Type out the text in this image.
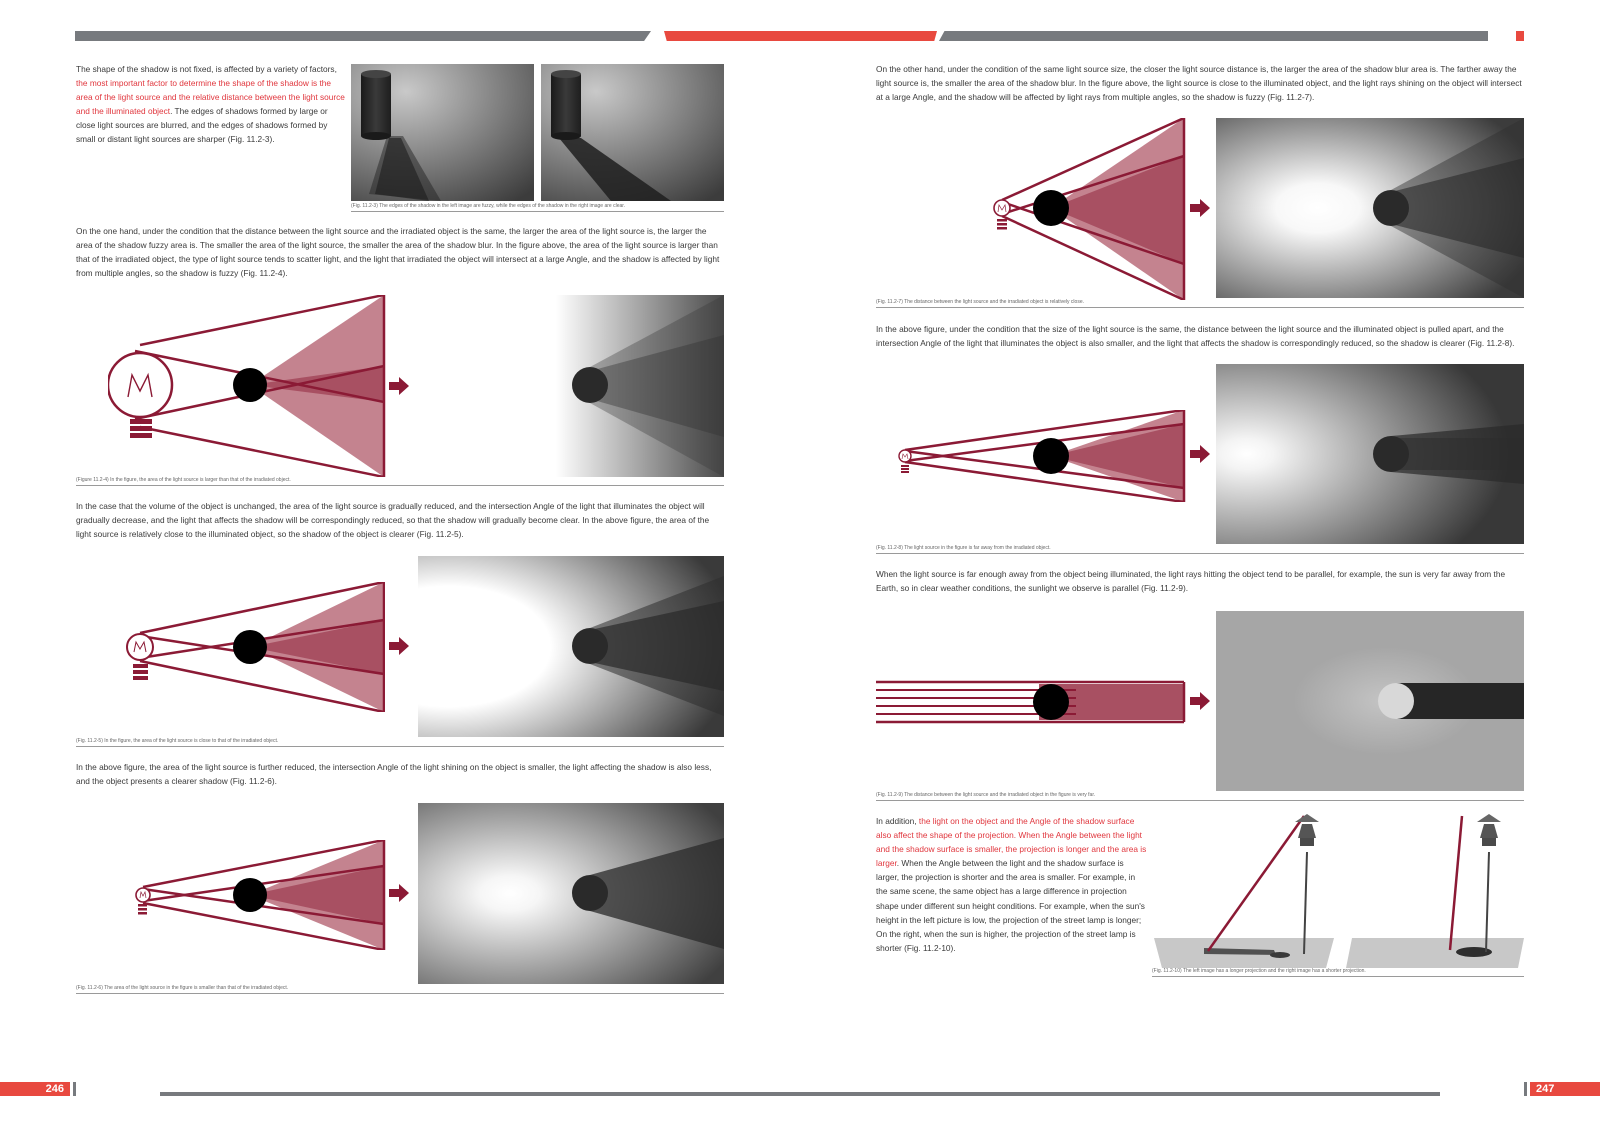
The shape of the shadow is not fixed, is affected by a variety of factors, the most important factor to determine the shape of the shadow is the area of the light source and the relative distance between the light source and the illuminated object. The edges of shadows formed by large or close light sources are blurred, and the edges of shadows formed by small or distant light sources are sharper (Fig. 11.2-3).

(Fig. 11.2-3) The edges of the shadow in the left image are fuzzy, while the edges of the shadow in the right image are clear.

On the one hand, under the condition that the distance between the light source and the irradiated object is the same, the larger the area of the light source is, the larger the area of the shadow fuzzy area is. The smaller the area of the light source, the smaller the area of the shadow blur. In the figure above, the area of the light source is larger than that of the irradiated object, the type of light source tends to scatter light, and the light that irradiated the object will intersect at a large Angle, and the shadow is affected by light from multiple angles, so the shadow is fuzzy (Fig. 11.2-4).

(Figure 11.2-4) In the figure, the area of the light source is larger than that of the irradiated object.

In the case that the volume of the object is unchanged, the area of the light source is gradually reduced, and the intersection Angle of the light that illuminates the object will gradually decrease, and the light that affects the shadow will be correspondingly reduced, so that the shadow will gradually become clear. In the above figure, the area of the light source is relatively close to the illuminated object, so the shadow of the object is clearer (Fig. 11.2-5).

(Fig. 11.2-5) In the figure, the area of the light source is close to that of the irradiated object.

In the above figure, the area of the light source is further reduced, the intersection Angle of the light shining on the object is smaller, the light affecting the shadow is also less, and the object presents a clearer shadow (Fig. 11.2-6).

(Fig. 11.2-6) The area of the light source in the figure is smaller than that of the irradiated object.

On the other hand, under the condition of the same light source size, the closer the light source distance is, the larger the area of the shadow blur area is. The farther away the light source is, the smaller the area of the shadow blur. In the figure above, the light source is close to the illuminated object, and the light rays shining on the object will intersect at a large Angle, and the shadow will be affected by light rays from multiple angles, so the shadow is fuzzy (Fig. 11.2-7).

(Fig. 11.2-7) The distance between the light source and the irradiated object is relatively close.

In the above figure, under the condition that the size of the light source is the same, the distance between the light source and the illuminated object is pulled apart, and the intersection Angle of the light that illuminates the object is also smaller, and the light that affects the shadow is correspondingly reduced, so the shadow is clearer (Fig. 11.2-8).

(Fig. 11.2-8) The light source in the figure is far away from the irradiated object.

When the light source is far enough away from the object being illuminated, the light rays hitting the object tend to be parallel, for example, the sun is very far away from the Earth, so in clear weather conditions, the sunlight we observe is parallel (Fig. 11.2-9).

(Fig. 11.2-9) The distance between the light source and the irradiated object in the figure is very far.

In addition, the light on the object and the Angle of the shadow surface also affect the shape of the projection. When the Angle between the light and the shadow surface is smaller, the projection is longer and the area is larger. When the Angle between the light and the shadow surface is larger, the projection is shorter and the area is smaller. For example, in the same scene, the same object has a large difference in projection shape under different sun height conditions. For example, when the sun's height in the left picture is low, the projection of the street lamp is longer; On the right, when the sun is higher, the projection of the street lamp is shorter (Fig. 11.2-10).

(Fig. 11.2-10) The left image has a longer projection and the right image has a shorter projection.
246	247
